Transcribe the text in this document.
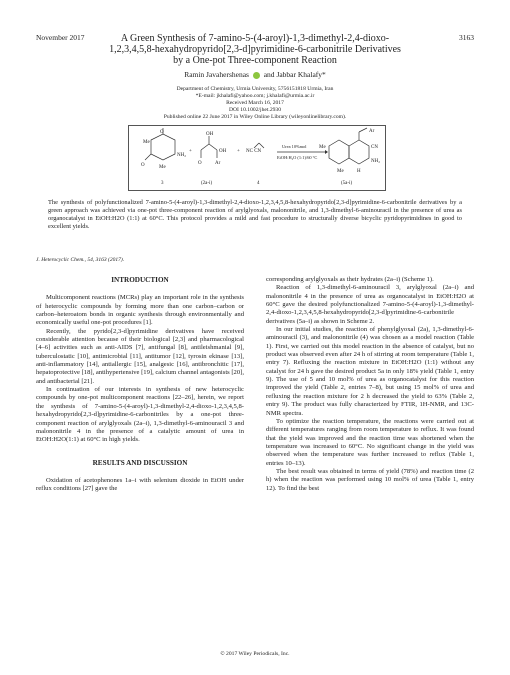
November 2017	3163
A Green Synthesis of 7-amino-5-(4-aroyl)-1,3-dimethyl-2,4-dioxo-
1,2,3,4,5,8-hexahydropyrido[2,3-d]pyrimidine-6-carbonitrile Derivatives
by a One-pot Three-component Reaction
Ramin Javahershenas and Jabbar Khalafy*
Department of Chemistry, Urmia University, 5756151818 Urmia, Iran
*E-mail: jkhalafi@yahoo.com; j.khalafi@urmia.ac.ir
Received March 16, 2017
DOI 10.1002/jhet.2930
Published online 22 June 2017 in Wiley Online Library (wileyonlinelibrary.com).
Me
O
NH₂
O	Me
+
OH
OH
O	Ar
+ NC CN
Urea 10%mol
EtOH:H₂O (1:1)/60 °C
Me
Ar
CN
NH₂
Me	H
3	(2a-i)	4	(5a-i)
The synthesis of polyfunctionalized 7-amino-5-(4-aroyl)-1,3-dimethyl-2,4-dioxo-1,2,3,4,5,8-hexahydropyrido[2,3-d]pyrimidine-6-carbonitrile derivatives by a green approach was achieved via one-pot three-component reaction of arylglyoxals, malononitrile, and 1,3-dimethyl-6-aminouracil in the presence of urea as organocatalyst in EtOH:H2O (1:1) at 60°C. This protocol provides a mild and fast procedure to structurally diverse bicyclic pyridopyrimidines in good to excellent yields.
J. Heterocyclic Chem., 54, 3163 (2017).
INTRODUCTION

Multicomponent reactions (MCRs) play an important role in the synthesis of heterocyclic compounds by forming more than one carbon–carbon or carbon–heteroatom bonds in organic synthesis through environmentally and economically useful one-pot procedures [1].

Recently, the pyrido[2,3-d]pyrimidine derivatives have received considerable attention because of their biological [2,3] and pharmacological [4–6] activities such as anti-AIDS [7], antifungal [8], antileishmanial [9], tuberculostatic [10], antimicrobial [11], antitumor [12], tyrosin ekinase [13], anti-inflammatory [14], antiallergic [15], analgesic [16], antibronchitic [17], hepatoprotective [18], antihypertensive [19], calcium channel antagonists [20], and antibacterial [21].

In continuation of our interests in synthesis of new heterocyclic compounds by one-pot multicomponent reactions [22–26], herein, we report the synthesis of 7-amino-5-(4-aroyl)-1,3-dimethyl-2,4-dioxo-1,2,3,4,5,8-hexahydropyrido[2,3-d]pyrimidine-6-carbonitriles by a one-pot three-component reaction of arylglyoxals (2a–i), 1,3-dimethyl-6-aminouracil 3 and malononitrile 4 in the presence of a catalytic amount of urea in EtOH:H2O(1:1) at 60°C in high yields.

RESULTS AND DISCUSSION

Oxidation of acetophenones 1a–i with selenium dioxide in EtOH under reflux conditions [27] gave the

corresponding arylglyoxals as their hydrates (2a–i) (Scheme 1).

Reaction of 1,3-dimethyl-6-aminouracil 3, arylglyoxal (2a–i) and malononitrile 4 in the presence of urea as organocatalyst in EtOH:H2O at 60°C gave the desired polyfunctionalized 7-amino-5-(4-aroyl)-1,3-dimethyl-2,4-dioxo-1,2,3,4,5,8-hexahydropyrido[2,3-d]pyrimidine-6-carbonitrile derivatives (5a–i) as shown in Scheme 2.

In our initial studies, the reaction of phenylglyoxal (2a), 1,3-dimethyl-6-aminouracil (3), and malononitrile (4) was chosen as a model reaction (Table 1). First, we carried out this model reaction in the absence of catalyst, but no product was observed even after 24 h of stirring at room temperature (Table 1, entry 7). Refluxing the reaction mixture in EtOH:H2O (1:1) without any catalyst for 24 h gave the desired product 5a in only 18% yield (Table 1, entry 9). The use of 5 and 10 mol% of urea as organocatalyst for this reaction improved the yield (Table 2, entries 7–8), but using 15 mol% of urea and refluxing the reaction mixture for 2 h decreased the yield to 63% (Table 2, entry 9). The product was fully characterized by FTIR, 1H-NMR, and 13C-NMR spectra.

To optimize the reaction temperature, the reactions were carried out at different temperatures ranging from room temperature to reflux. It was found that the yield was improved and the reaction time was shortened when the temperature was increased to 60°C. No significant change in the yield was observed when the temperature was further increased to reflux (Table 1, entries 10–13).

The best result was obtained in terms of yield (78%) and reaction time (2 h) when the reaction was performed using 10 mol% of urea (Table 1, entry 12). To find the best

© 2017 Wiley Periodicals, Inc.
